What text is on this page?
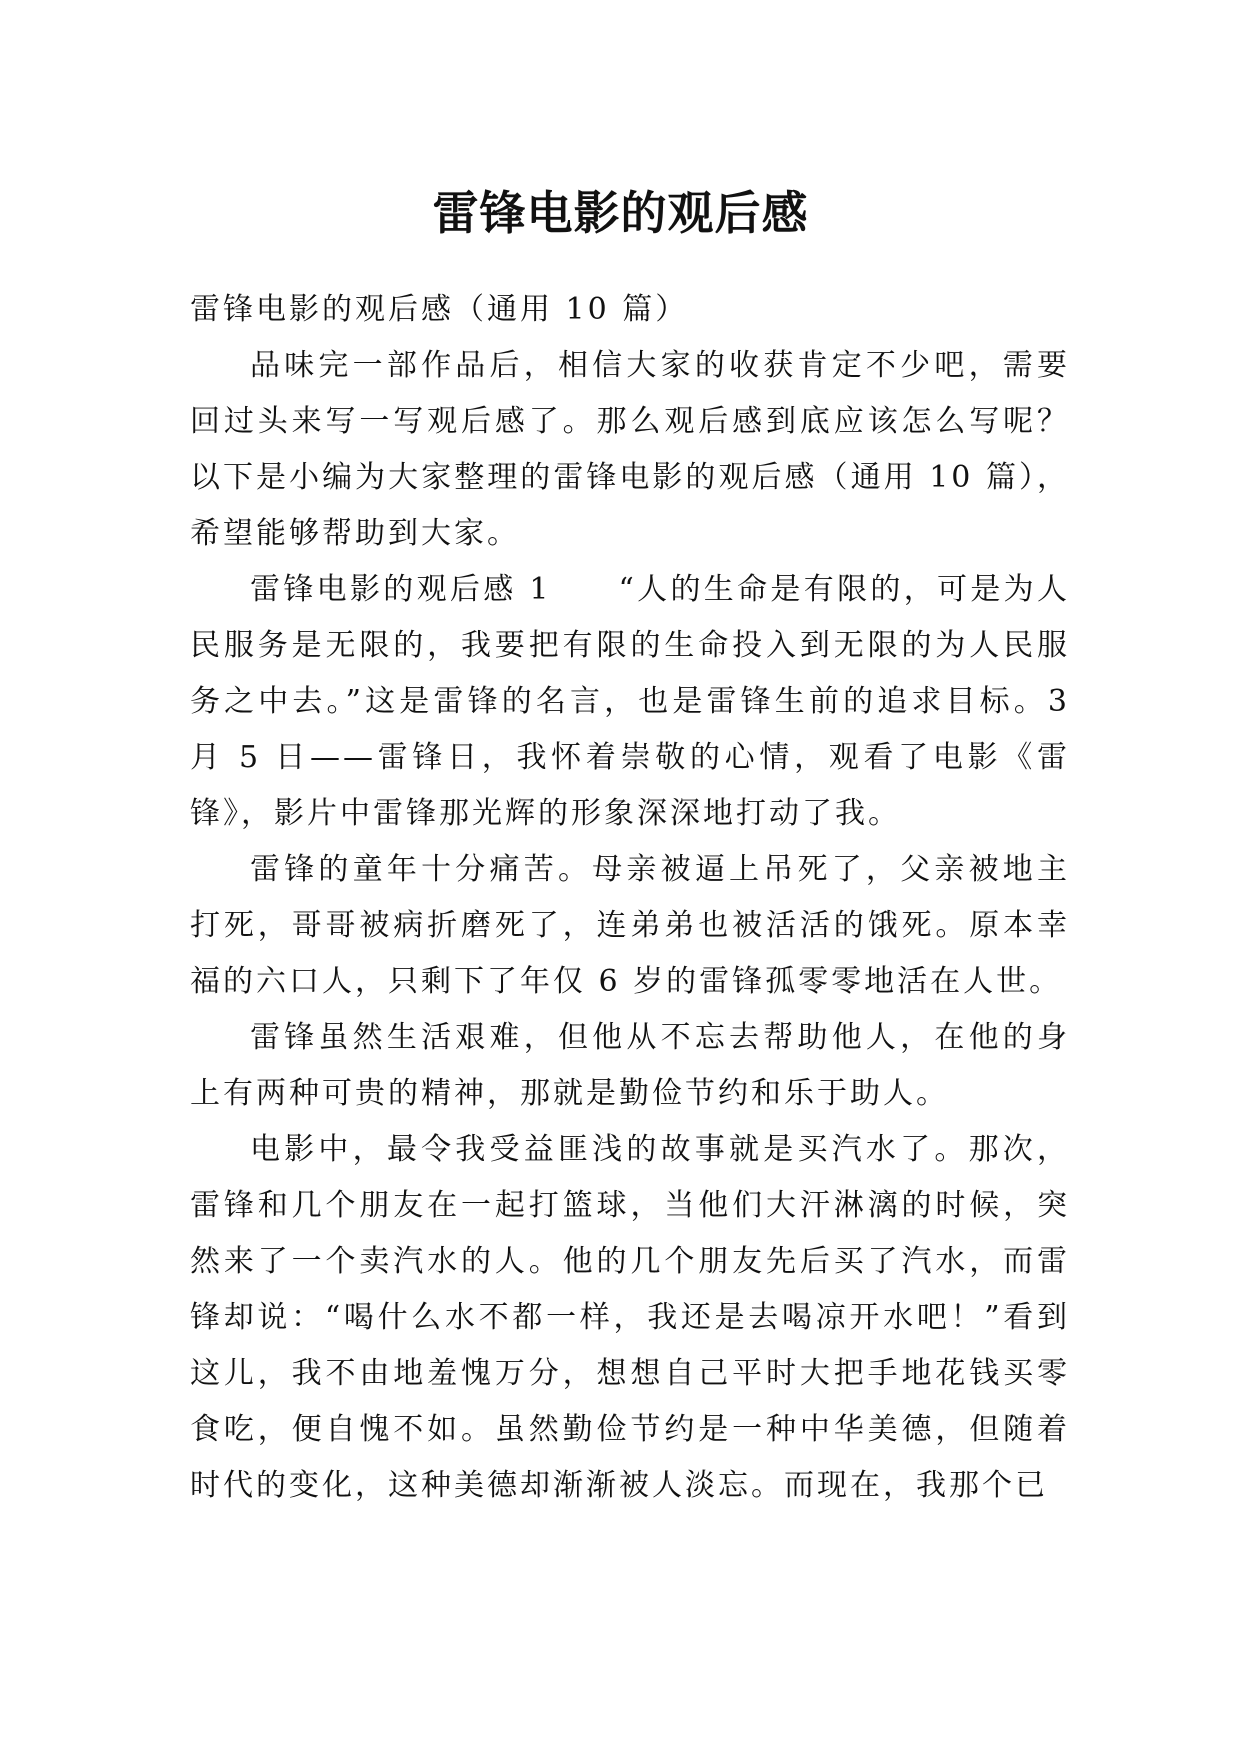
雷锋电影的观后感

雷锋电影的观后感（通用 10 篇）

品味完一部作品后，相信大家的收获肯定不少吧，需要回过头来写一写观后感了。那么观后感到底应该怎么写呢？以下是小编为大家整理的雷锋电影的观后感（通用 10 篇），希望能够帮助到大家。

雷锋电影的观后感 1　　“人的生命是有限的，可是为人民服务是无限的，我要把有限的生命投入到无限的为人民服务之中去。”这是雷锋的名言，也是雷锋生前的追求目标。3 月 5 日——雷锋日，我怀着崇敬的心情，观看了电影《雷锋》，影片中雷锋那光辉的形象深深地打动了我。

雷锋的童年十分痛苦。母亲被逼上吊死了，父亲被地主打死，哥哥被病折磨死了，连弟弟也被活活的饿死。原本幸福的六口人，只剩下了年仅 6 岁的雷锋孤零零地活在人世。

雷锋虽然生活艰难，但他从不忘去帮助他人，在他的身上有两种可贵的精神，那就是勤俭节约和乐于助人。

电影中，最令我受益匪浅的故事就是买汽水了。那次，雷锋和几个朋友在一起打篮球，当他们大汗淋漓的时候，突然来了一个卖汽水的人。他的几个朋友先后买了汽水，而雷锋却说：“喝什么水不都一样，我还是去喝凉开水吧！”看到这儿，我不由地羞愧万分，想想自己平时大把手地花钱买零食吃，便自愧不如。虽然勤俭节约是一种中华美德，但随着时代的变化，这种美德却渐渐被人淡忘。而现在，我那个已
